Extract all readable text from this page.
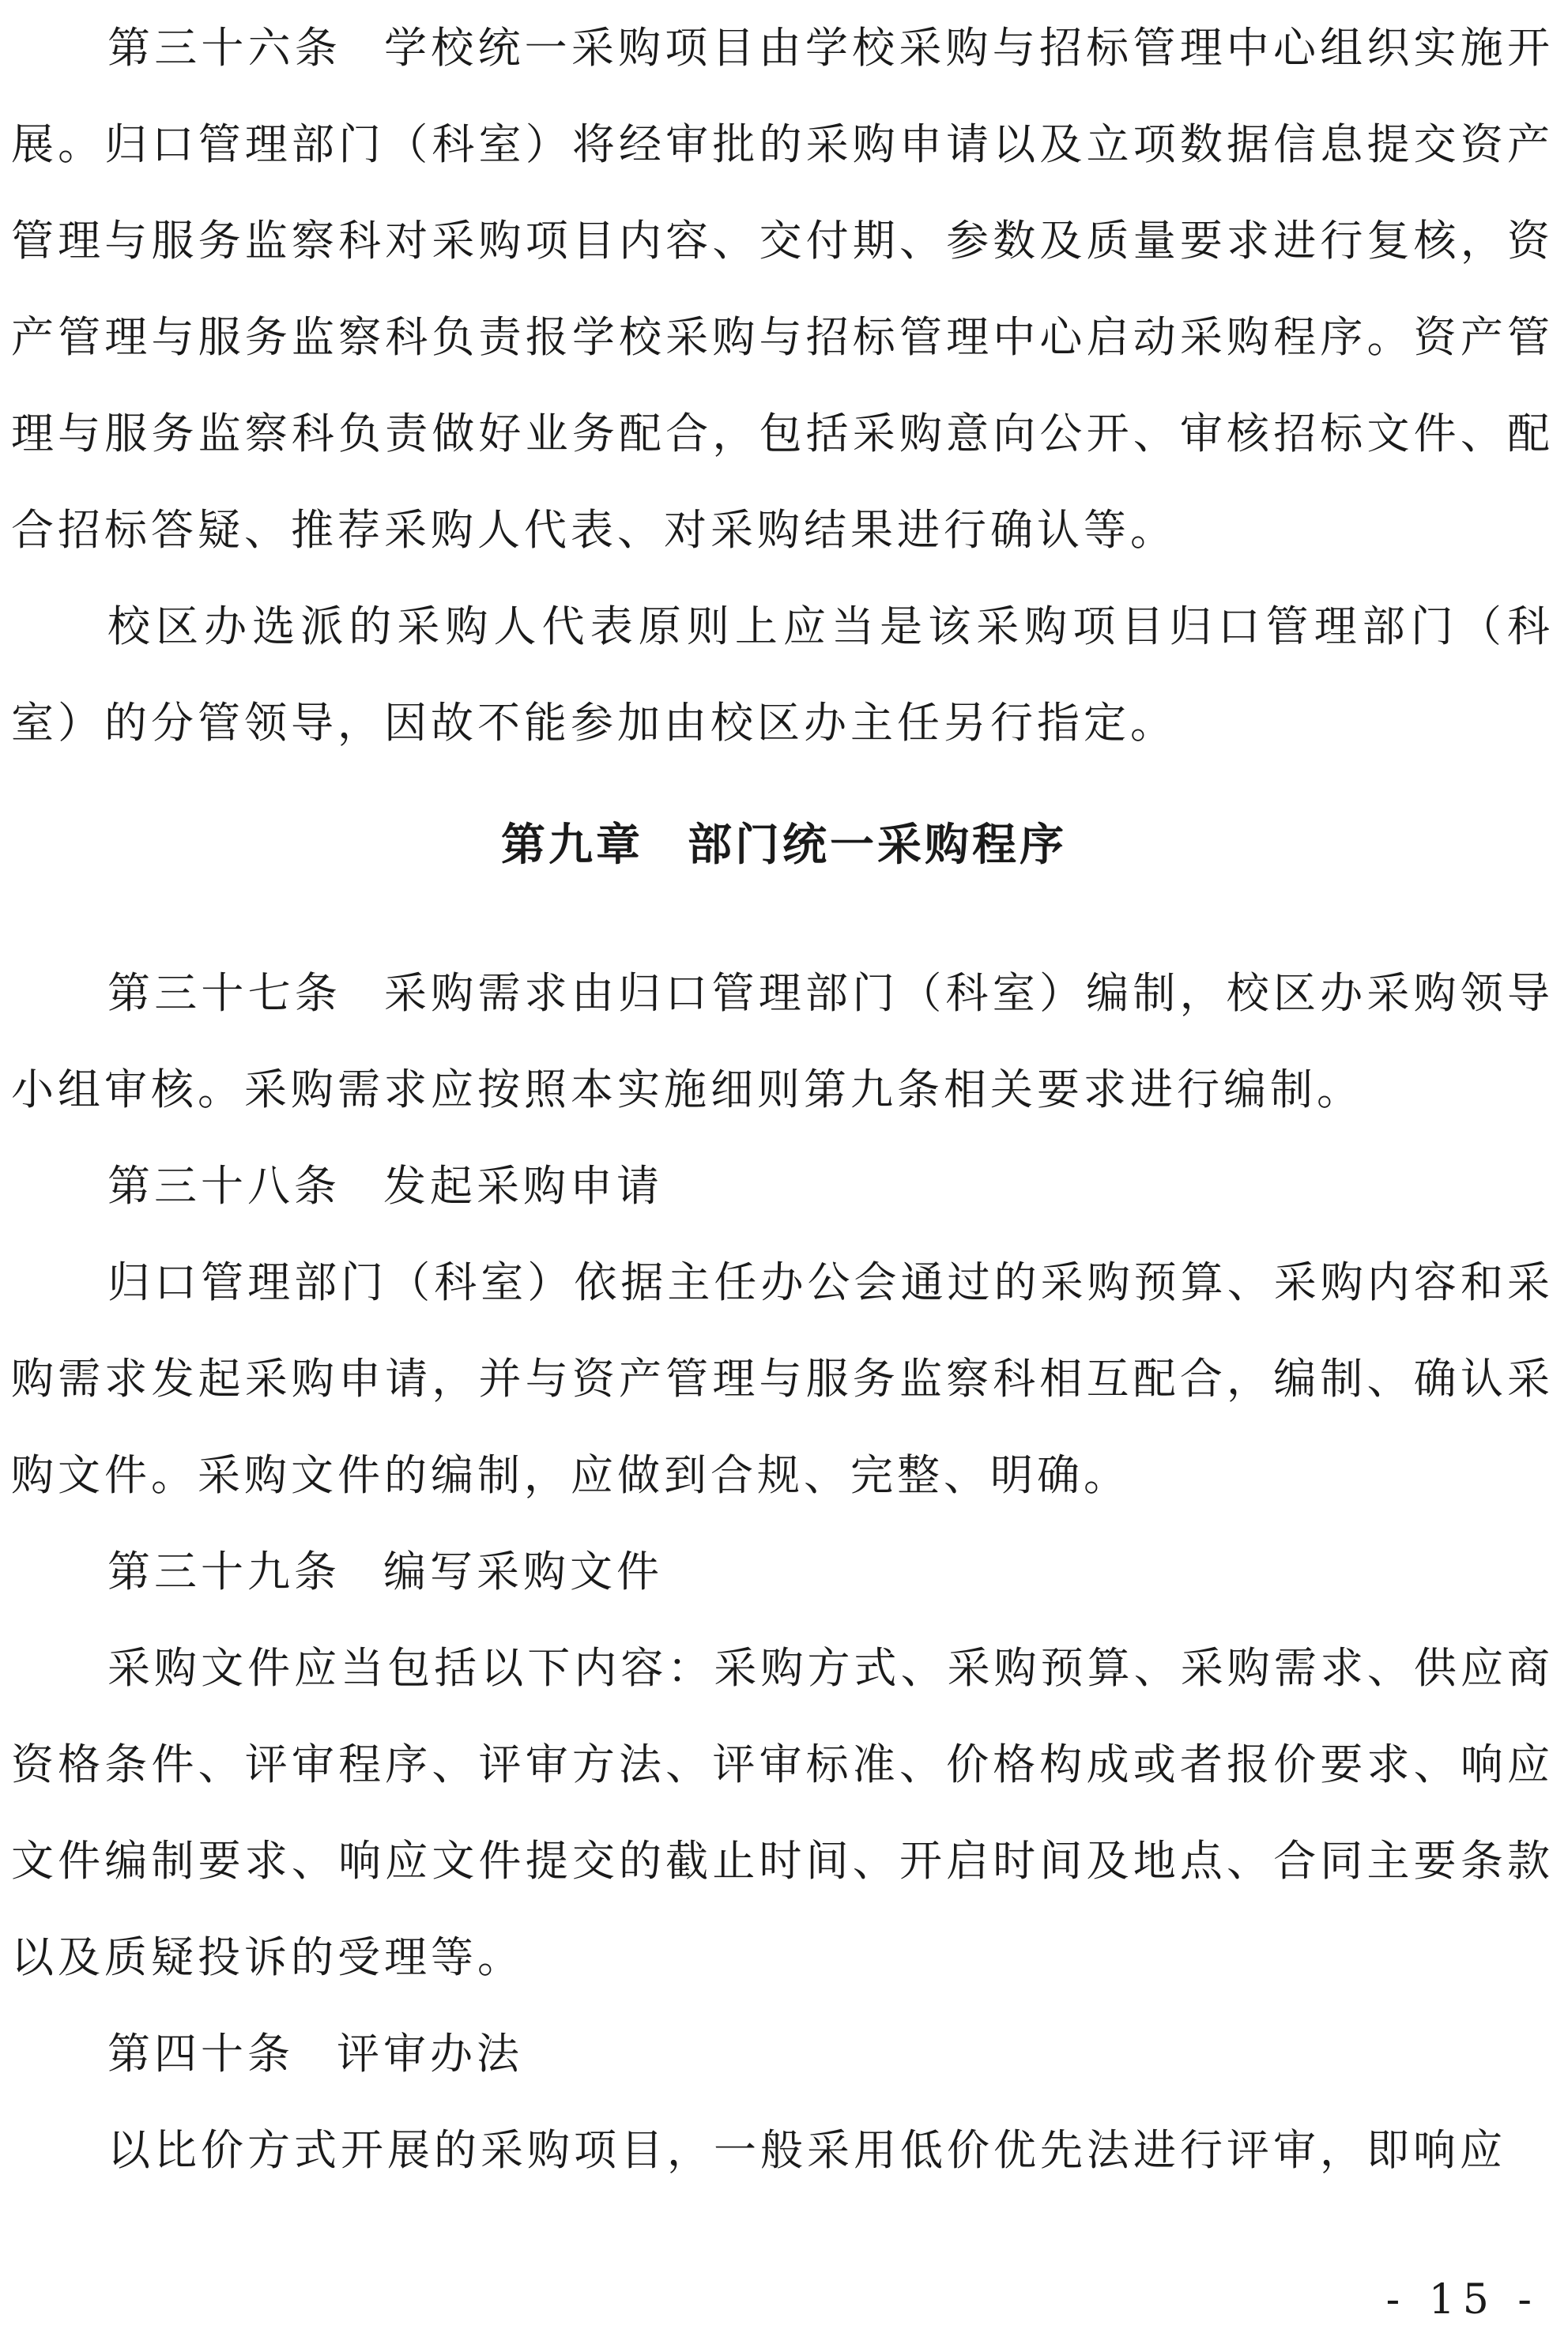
第三十六条 学校统一采购项目由学校采购与招标管理中心组织实施开展。归口管理部门（科室）将经审批的采购申请以及立项数据信息提交资产管理与服务监察科对采购项目内容、交付期、参数及质量要求进行复核，资产管理与服务监察科负责报学校采购与招标管理中心启动采购程序。资产管理与服务监察科负责做好业务配合，包括采购意向公开、审核招标文件、配合招标答疑、推荐采购人代表、对采购结果进行确认等。

校区办选派的采购人代表原则上应当是该采购项目归口管理部门（科室）的分管领导，因故不能参加由校区办主任另行指定。

第九章 部门统一采购程序

第三十七条 采购需求由归口管理部门（科室）编制，校区办采购领导小组审核。采购需求应按照本实施细则第九条相关要求进行编制。

第三十八条 发起采购申请

归口管理部门（科室）依据主任办公会通过的采购预算、采购内容和采购需求发起采购申请，并与资产管理与服务监察科相互配合，编制、确认采购文件。采购文件的编制，应做到合规、完整、明确。

第三十九条 编写采购文件

采购文件应当包括以下内容：采购方式、采购预算、采购需求、供应商资格条件、评审程序、评审方法、评审标准、价格构成或者报价要求、响应文件编制要求、响应文件提交的截止时间、开启时间及地点、合同主要条款以及质疑投诉的受理等。

第四十条 评审办法

以比价方式开展的采购项目，一般采用低价优先法进行评审，即响应

- 15 -
